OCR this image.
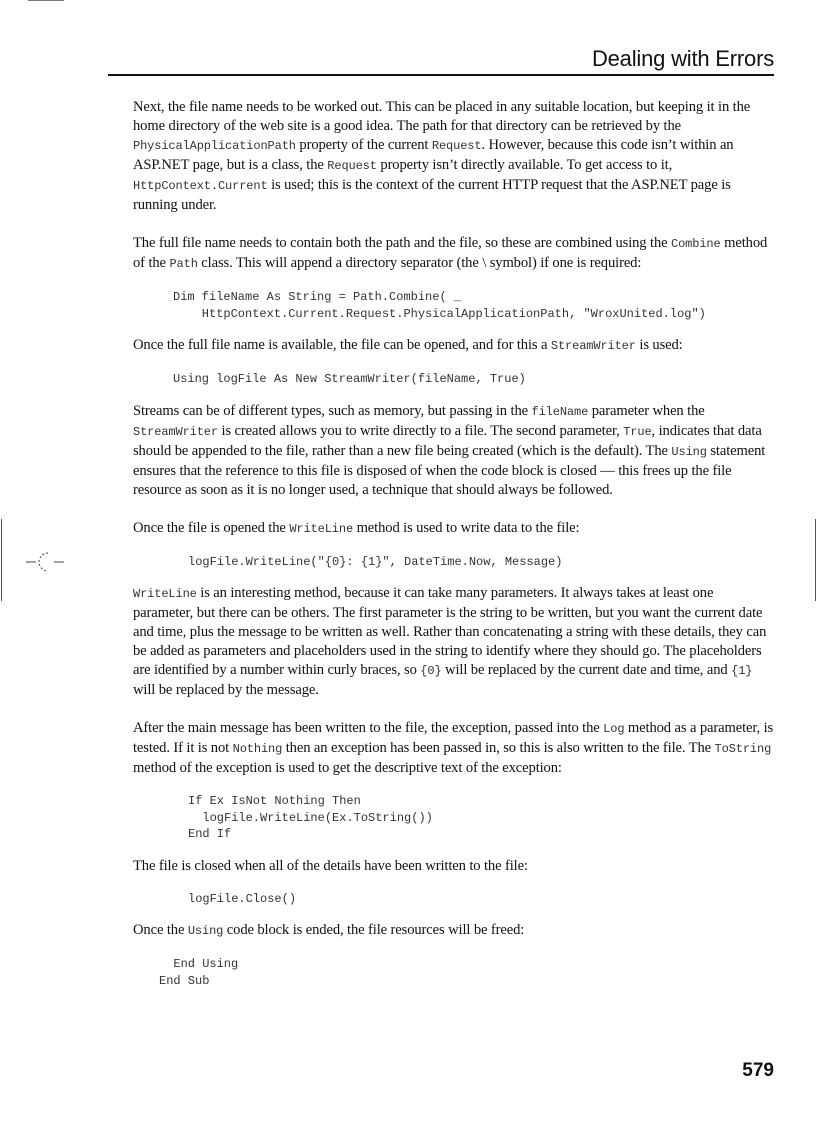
Dealing with Errors

Next, the file name needs to be worked out. This can be placed in any suitable location, but keeping it in the home directory of the web site is a good idea. The path for that directory can be retrieved by the PhysicalApplicationPath property of the current Request. However, because this code isn’t within an ASP.NET page, but is a class, the Request property isn’t directly available. To get access to it, HttpContext.Current is used; this is the context of the current HTTP request that the ASP.NET page is running under.

The full file name needs to contain both the path and the file, so these are combined using the Combine method of the Path class. This will append a directory separator (the \ symbol) if one is required:

Dim fileName As String = Path.Combine( _
HttpContext.Current.Request.PhysicalApplicationPath, "WroxUnited.log")

Once the full file name is available, the file can be opened, and for this a StreamWriter is used:

Using logFile As New StreamWriter(fileName, True)

Streams can be of different types, such as memory, but passing in the fileName parameter when the StreamWriter is created allows you to write directly to a file. The second parameter, True, indicates that data should be appended to the file, rather than a new file being created (which is the default). The Using statement ensures that the reference to this file is disposed of when the code block is closed — this frees up the file resource as soon as it is no longer used, a technique that should always be followed.

Once the file is opened the WriteLine method is used to write data to the file:

logFile.WriteLine("{0}: {1}", DateTime.Now, Message)

WriteLine is an interesting method, because it can take many parameters. It always takes at least one parameter, but there can be others. The first parameter is the string to be written, but you want the current date and time, plus the message to be written as well. Rather than concatenating a string with these details, they can be added as parameters and placeholders used in the string to identify where they should go. The placeholders are identified by a number within curly braces, so {0} will be replaced by the current date and time, and {1} will be replaced by the message.

After the main message has been written to the file, the exception, passed into the Log method as a parameter, is tested. If it is not Nothing then an exception has been passed in, so this is also written to the file. The ToString method of the exception is used to get the descriptive text of the exception:

If Ex IsNot Nothing Then
logFile.WriteLine(Ex.ToString())
End If

The file is closed when all of the details have been written to the file:

logFile.Close()

Once the Using code block is ended, the file resources will be freed:

End Using
End Sub
579
